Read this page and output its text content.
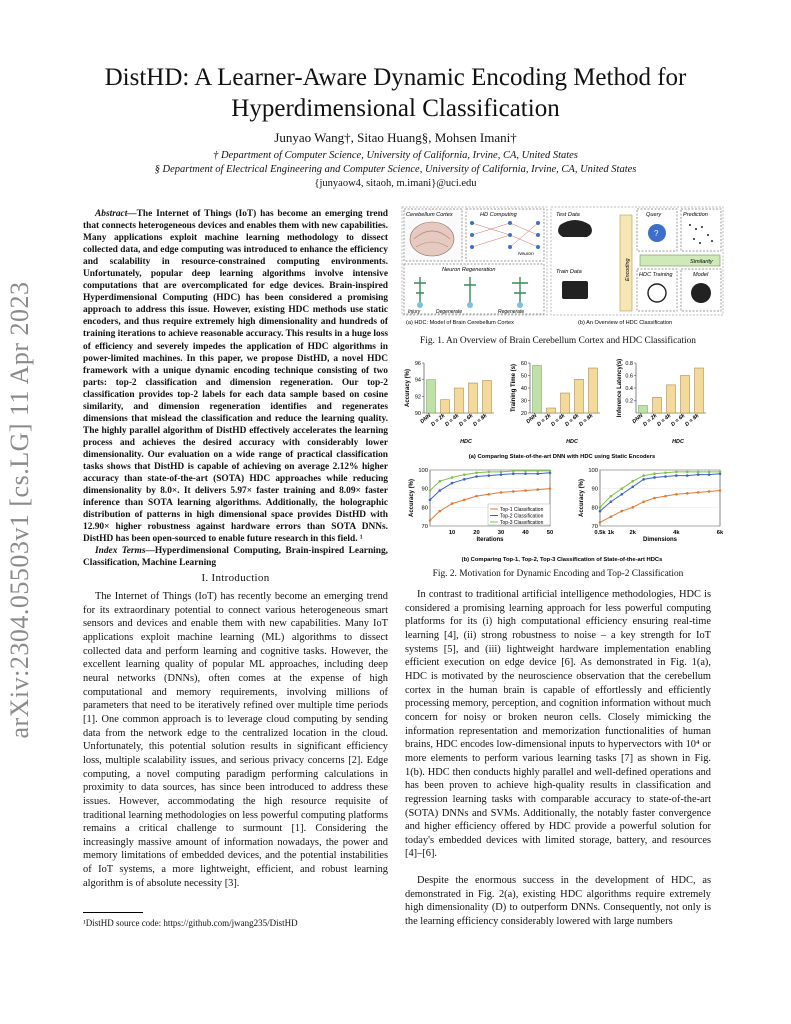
arXiv:2304.05503v1 [cs.LG] 11 Apr 2023
DistHD: A Learner-Aware Dynamic Encoding Method for
Hyperdimensional Classification
Junyao Wang†, Sitao Huang§, Mohsen Imani†
† Department of Computer Science, University of California, Irvine, CA, United States
§ Department of Electrical Engineering and Computer Science, University of California, Irvine, CA, United States
{junyaow4, sitaoh, m.imani}@uci.edu
Abstract—The Internet of Things (IoT) has become an emerging trend that connects heterogeneous devices and enables them with new capabilities. Many applications exploit machine learning methodology to dissect collected data, and edge computing was introduced to enhance the efficiency and scalability in resource-constrained computing environments. Unfortunately, popular deep learning algorithms involve intensive computations that are overcomplicated for edge devices. Brain-inspired Hyperdimensional Computing (HDC) has been considered a promising approach to address this issue. However, existing HDC methods use static encoders, and thus require extremely high dimensionality and hundreds of training iterations to achieve reasonable accuracy. This results in a huge loss of efficiency and severely impedes the application of HDC algorithms in power-limited machines. In this paper, we propose DistHD, a novel HDC framework with a unique dynamic encoding technique consisting of two parts: top-2 classification and dimension regeneration. Our top-2 classification provides top-2 labels for each data sample based on cosine similarity, and dimension regeneration identifies and regenerates dimensions that mislead the classification and reduce the learning quality. The highly parallel algorithm of DistHD effectively accelerates the learning process and achieves the desired accuracy with considerably lower dimensionality. Our evaluation on a wide range of practical classification tasks shows that DistHD is capable of achieving on average 2.12% higher accuracy than state-of-the-art (SOTA) HDC approaches while reducing dimensionality by 8.0×. It delivers 5.97× faster training and 8.09× faster inference than SOTA learning algorithms. Additionally, the holographic distribution of patterns in high dimensional space provides DistHD with 12.90× higher robustness against hardware errors than SOTA DNNs. DistHD has been open-sourced to enable future research in this field. ¹
Index Terms—Hyperdimensional Computing, Brain-inspired Learning, Classification, Machine Learning
I. Introduction
The Internet of Things (IoT) has recently become an emerging trend for its extraordinary potential to connect various heterogeneous smart sensors and devices and enable them with new capabilities. Many IoT applications exploit machine learning (ML) algorithms to dissect collected data and perform learning and cognitive tasks. However, the excellent learning quality of popular ML approaches, including deep neural networks (DNNs), often comes at the expense of high computational and memory requirements, involving millions of parameters that need to be iteratively refined over multiple time periods [1]. One common approach is to leverage cloud computing by sending data from the network edge to the centralized location in the cloud. Unfortunately, this potential solution results in significant efficiency loss, multiple scalability issues, and serious privacy concerns [2]. Edge computing, a novel computing paradigm performing calculations in proximity to data sources, has since been introduced to address these issues. However, accommodating the high resource requisite of traditional learning methodologies on less powerful computing platforms remains a critical challenge to surmount [1]. Considering the increasingly massive amount of information nowadays, the power and memory limitations of embedded devices, and the potential instabilities of IoT systems, a more lightweight, efficient, and robust learning algorithm is of absolute necessity [3].
¹DistHD source code: https://github.com/jwang235/DistHD
Cerebellum Cortex	HD Computing
Neuron
Neuron Regeneration
Injury	Degenerate	Regenerate
(a) HDC: Model of Brain Cerebellum Cortex
Test Data
Train Data	Encoding
Query
?
Prediction
Similarity
HDC Training	Model
(b) An Overview of HDC Classification
Fig. 1. An Overview of Brain Cerebellum Cortex and HDC Classification
90
92
94
96
Accuracy (%)
DNN
D = 2k
D = 4k
D = 6k
D = 8k
HDC
20
30
40
50
60
Training Time (s)
DNN
D = 2k
D = 4k
D = 6k
D = 8k
HDC
0.2
0.4
0.6
0.8
Inference Latency(s)
DNN
D = 2k
D = 4k
D = 6k
D = 8k
HDC
(a) Comparing State-of-the-art DNN with HDC using Static Encoders
70
80
90
100
10	20	30	40	50
Iterations
Accuracy (%)	Top-1 Classification
Top-2 Classification
Top-3 Classification
70
80
90
100
0.5k 1k	2k	4k	6k
Dimensions
Accuracy (%)
(b) Comparing Top-1, Top-2, Top-3 Classification of State-of-the-art HDCs
Fig. 2. Motivation for Dynamic Encoding and Top-2 Classification
In contrast to traditional artificial intelligence methodologies, HDC is considered a promising learning approach for less powerful computing platforms for its (i) high computational efficiency ensuring real-time learning [4], (ii) strong robustness to noise – a key strength for IoT systems [5], and (iii) lightweight hardware implementation enabling efficient execution on edge device [6]. As demonstrated in Fig. 1(a), HDC is motivated by the neuroscience observation that the cerebellum cortex in the human brain is capable of effortlessly and efficiently processing memory, perception, and cognition information without much concern for noisy or broken neuron cells. Closely mimicking the information representation and memorization functionalities of human brains, HDC encodes low-dimensional inputs to hypervectors with 10⁴ or more elements to perform various learning tasks [7] as shown in Fig. 1(b). HDC then conducts highly parallel and well-defined operations and has been proven to achieve high-quality results in classification and regression learning tasks with comparable accuracy to state-of-the-art (SOTA) DNNs and SVMs. Additionally, the notably faster convergence and higher efficiency offered by HDC provide a powerful solution for today's embedded devices with limited storage, battery, and resources [4]–[6].
Despite the enormous success in the development of HDC, as demonstrated in Fig. 2(a), existing HDC algorithms require extremely high dimensionality (D) to outperform DNNs. Consequently, not only is the learning efficiency considerably lowered with large numbers
